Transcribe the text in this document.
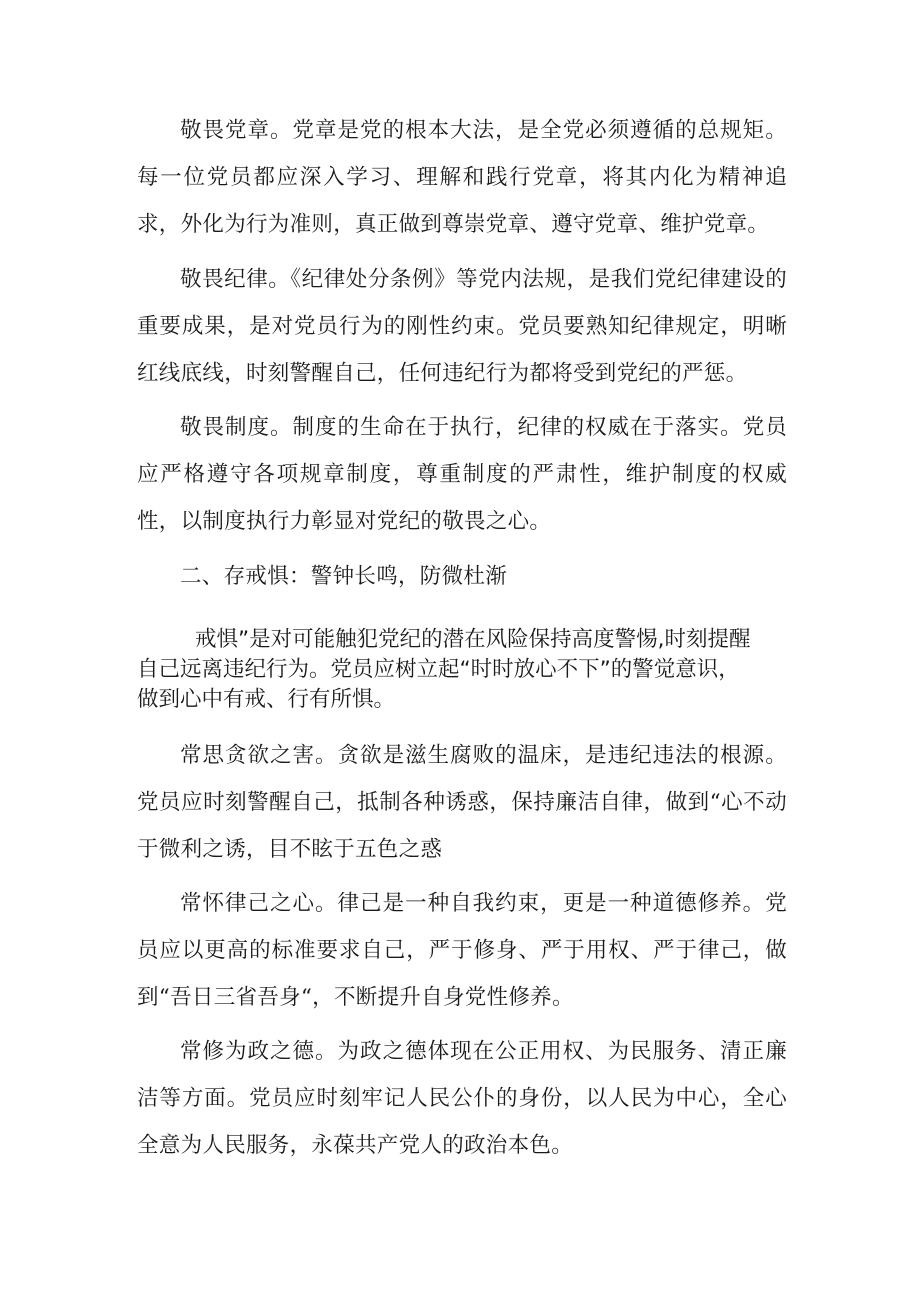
敬畏党章。党章是党的根本大法，是全党必须遵循的总规矩。每一位党员都应深入学习、理解和践行党章，将其内化为精神追求，外化为行为准则，真正做到尊崇党章、遵守党章、维护党章。

敬畏纪律。《纪律处分条例》等党内法规，是我们党纪律建设的重要成果，是对党员行为的刚性约束。党员要熟知纪律规定，明晰红线底线，时刻警醒自己，任何违纪行为都将受到党纪的严惩。

敬畏制度。制度的生命在于执行，纪律的权威在于落实。党员应严格遵守各项规章制度，尊重制度的严肃性，维护制度的权威性，以制度执行力彰显对党纪的敬畏之心。

二、存戒惧：警钟长鸣，防微杜渐

戒惧”是对可能触犯党纪的潜在风险保持高度警惕,时刻提醒
自己远离违纪行为。党员应树立起“时时放心不下”的警觉意识，
做到心中有戒、行有所惧。

常思贪欲之害。贪欲是滋生腐败的温床，是违纪违法的根源。党员应时刻警醒自己，抵制各种诱惑，保持廉洁自律，做到“心不动于微利之诱，目不眩于五色之惑

常怀律己之心。律己是一种自我约束，更是一种道德修养。党员应以更高的标准要求自己，严于修身、严于用权、严于律己，做到“吾日三省吾身“，不断提升自身党性修养。

常修为政之德。为政之德体现在公正用权、为民服务、清正廉洁等方面。党员应时刻牢记人民公仆的身份，以人民为中心，全心全意为人民服务，永葆共产党人的政治本色。
